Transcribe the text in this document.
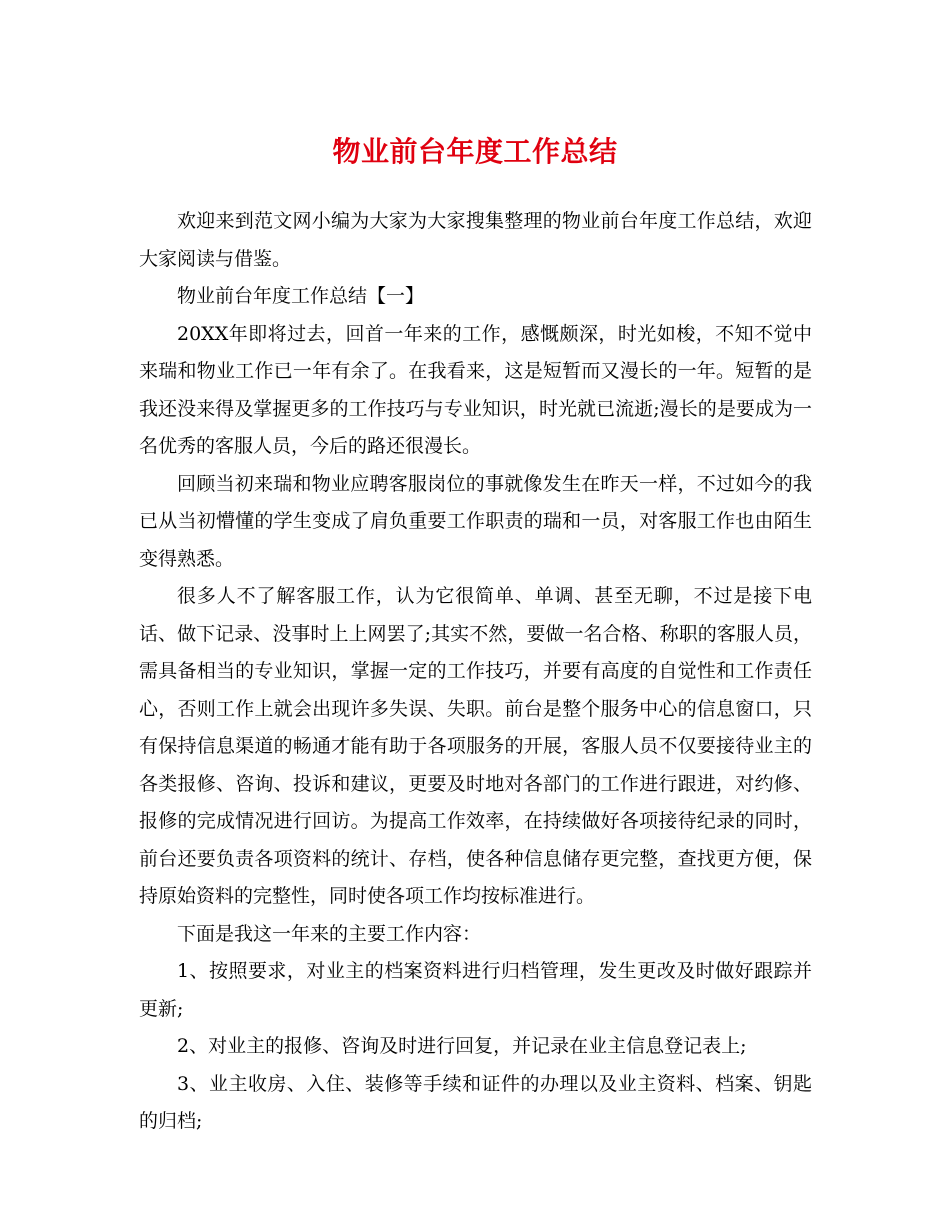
物业前台年度工作总结

欢迎来到范文网小编为大家为大家搜集整理的物业前台年度工作总结，欢迎大家阅读与借鉴。

物业前台年度工作总结【一】

20XX年即将过去，回首一年来的工作，感慨颇深，时光如梭，不知不觉中来瑞和物业工作已一年有余了。在我看来，这是短暂而又漫长的一年。短暂的是我还没来得及掌握更多的工作技巧与专业知识，时光就已流逝;漫长的是要成为一名优秀的客服人员，今后的路还很漫长。

回顾当初来瑞和物业应聘客服岗位的事就像发生在昨天一样，不过如今的我已从当初懵懂的学生变成了肩负重要工作职责的瑞和一员，对客服工作也由陌生变得熟悉。

很多人不了解客服工作，认为它很简单、单调、甚至无聊，不过是接下电话、做下记录、没事时上上网罢了;其实不然，要做一名合格、称职的客服人员，需具备相当的专业知识，掌握一定的工作技巧，并要有高度的自觉性和工作责任心，否则工作上就会出现许多失误、失职。前台是整个服务中心的信息窗口，只有保持信息渠道的畅通才能有助于各项服务的开展，客服人员不仅要接待业主的各类报修、咨询、投诉和建议，更要及时地对各部门的工作进行跟进，对约修、报修的完成情况进行回访。为提高工作效率，在持续做好各项接待纪录的同时，前台还要负责各项资料的统计、存档，使各种信息储存更完整，查找更方便，保持原始资料的完整性，同时使各项工作均按标准进行。

下面是我这一年来的主要工作内容：

1、按照要求，对业主的档案资料进行归档管理，发生更改及时做好跟踪并更新;

2、对业主的报修、咨询及时进行回复，并记录在业主信息登记表上;

3、业主收房、入住、装修等手续和证件的办理以及业主资料、档案、钥匙的归档;
